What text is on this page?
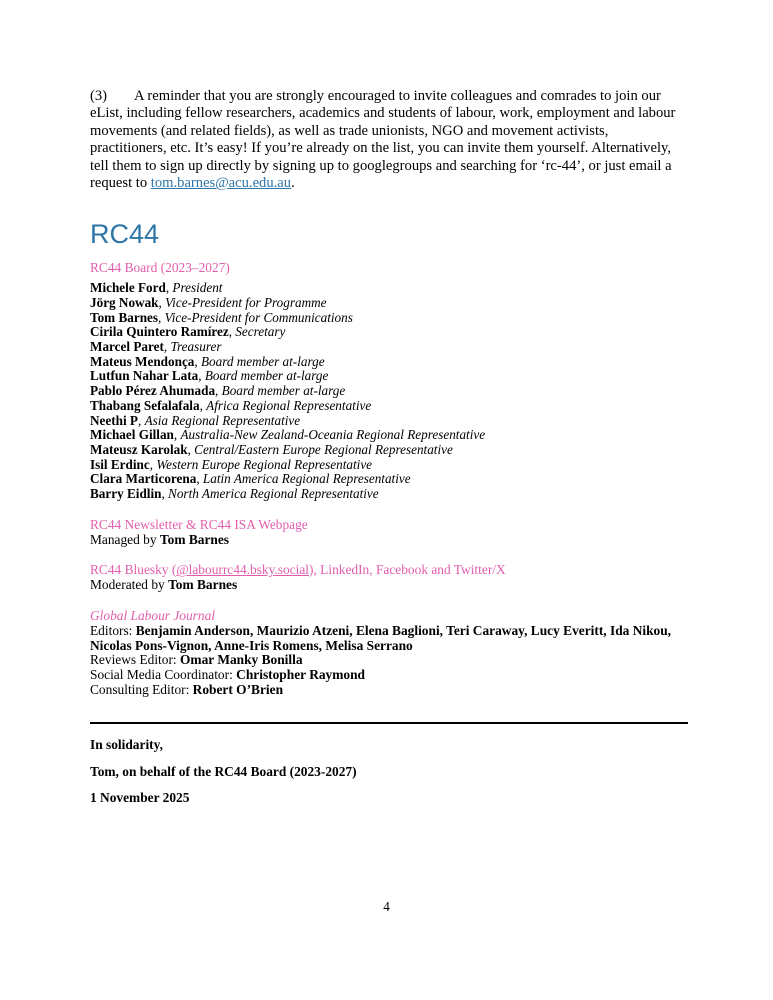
(3) A reminder that you are strongly encouraged to invite colleagues and comrades to join our eList, including fellow researchers, academics and students of labour, work, employment and labour movements (and related fields), as well as trade unionists, NGO and movement activists, practitioners, etc. It’s easy! If you’re already on the list, you can invite them yourself. Alternatively, tell them to sign up directly by signing up to googlegroups and searching for ‘rc-44’, or just email a request to tom.barnes@acu.edu.au.

RC44

RC44 Board (2023–2027)

Michele Ford, President
Jörg Nowak, Vice-President for Programme
Tom Barnes, Vice-President for Communications
Cirila Quintero Ramírez, Secretary
Marcel Paret, Treasurer
Mateus Mendonça, Board member at-large
Lutfun Nahar Lata, Board member at-large
Pablo Pérez Ahumada, Board member at-large
Thabang Sefalafala, Africa Regional Representative
Neethi P, Asia Regional Representative
Michael Gillan, Australia-New Zealand-Oceania Regional Representative
Mateusz Karolak, Central/Eastern Europe Regional Representative
Isil Erdinc, Western Europe Regional Representative
Clara Marticorena, Latin America Regional Representative
Barry Eidlin, North America Regional Representative

RC44 Newsletter & RC44 ISA Webpage

Managed by Tom Barnes

RC44 Bluesky (@labourrc44.bsky.social), LinkedIn, Facebook and Twitter/X

Moderated by Tom Barnes

Global Labour Journal

Editors: Benjamin Anderson, Maurizio Atzeni, Elena Baglioni, Teri Caraway, Lucy Everitt, Ida Nikou, Nicolas Pons-Vignon, Anne-Iris Romens, Melisa Serrano

Reviews Editor: Omar Manky Bonilla

Social Media Coordinator: Christopher Raymond

Consulting Editor: Robert O’Brien

In solidarity,

Tom, on behalf of the RC44 Board (2023-2027)

1 November 2025

4
